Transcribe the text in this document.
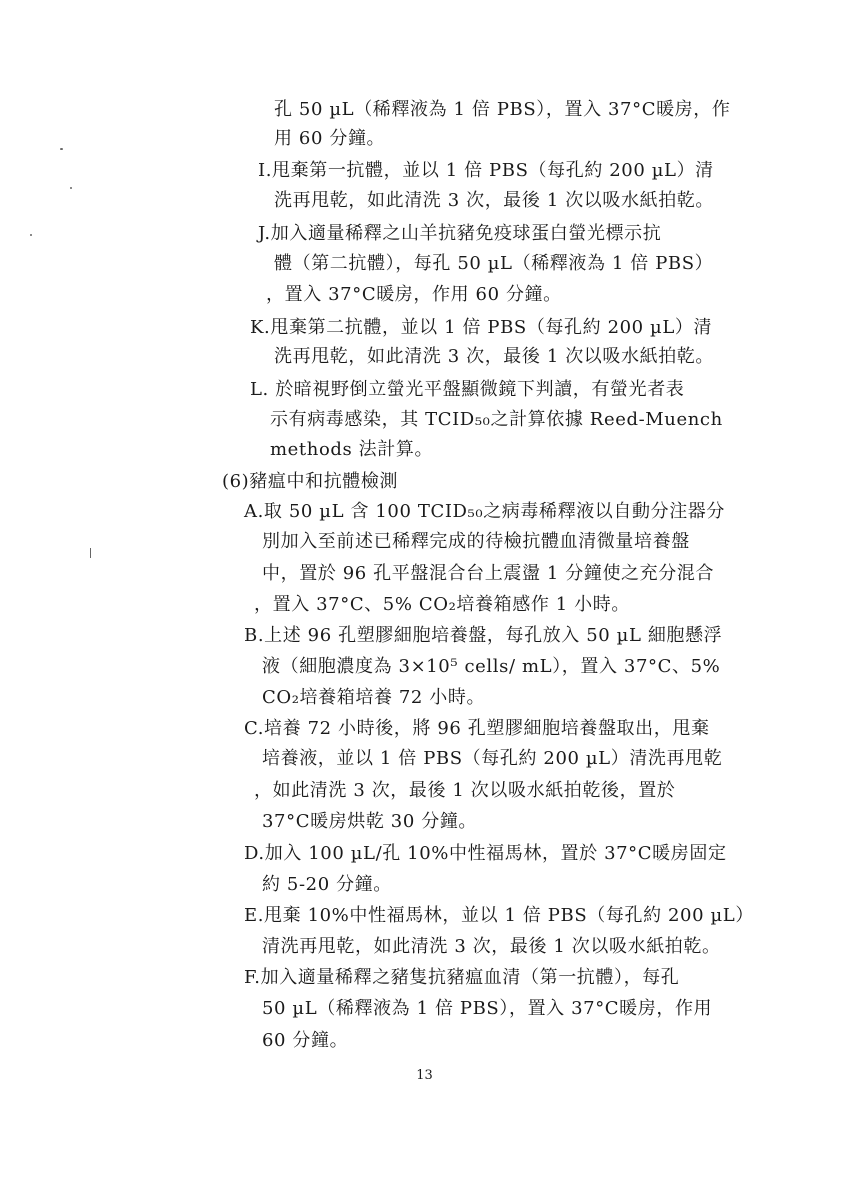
孔 50 µL（稀釋液為 1 倍 PBS），置入 37°C暖房，作
用 60 分鐘。
I.甩棄第一抗體，並以 1 倍 PBS（每孔約 200 µL）清
洗再甩乾，如此清洗 3 次，最後 1 次以吸水紙拍乾。
J.加入適量稀釋之山羊抗豬免疫球蛋白螢光標示抗
體（第二抗體），每孔 50 µL（稀釋液為 1 倍 PBS）
，置入 37°C暖房，作用 60 分鐘。
K.甩棄第二抗體，並以 1 倍 PBS（每孔約 200 µL）清
洗再甩乾，如此清洗 3 次，最後 1 次以吸水紙拍乾。
L. 於暗視野倒立螢光平盤顯微鏡下判讀，有螢光者表
示有病毒感染，其 TCID₅₀之計算依據 Reed-Muench
methods 法計算。
(6)豬瘟中和抗體檢測
A.取 50 µL 含 100 TCID₅₀之病毒稀釋液以自動分注器分
別加入至前述已稀釋完成的待檢抗體血清微量培養盤
中，置於 96 孔平盤混合台上震盪 1 分鐘使之充分混合
，置入 37°C、5% CO₂培養箱感作 1 小時。
B.上述 96 孔塑膠細胞培養盤，每孔放入 50 µL 細胞懸浮
液（細胞濃度為 3×10⁵ cells/ mL），置入 37°C、5%
CO₂培養箱培養 72 小時。
C.培養 72 小時後，將 96 孔塑膠細胞培養盤取出，甩棄
培養液，並以 1 倍 PBS（每孔約 200 µL）清洗再甩乾
，如此清洗 3 次，最後 1 次以吸水紙拍乾後，置於
37°C暖房烘乾 30 分鐘。
D.加入 100 µL/孔 10%中性福馬林，置於 37°C暖房固定
約 5-20 分鐘。
E.甩棄 10%中性福馬林，並以 1 倍 PBS（每孔約 200 µL）
清洗再甩乾，如此清洗 3 次，最後 1 次以吸水紙拍乾。
F.加入適量稀釋之豬隻抗豬瘟血清（第一抗體），每孔
50 µL（稀釋液為 1 倍 PBS），置入 37°C暖房，作用
60 分鐘。
13
